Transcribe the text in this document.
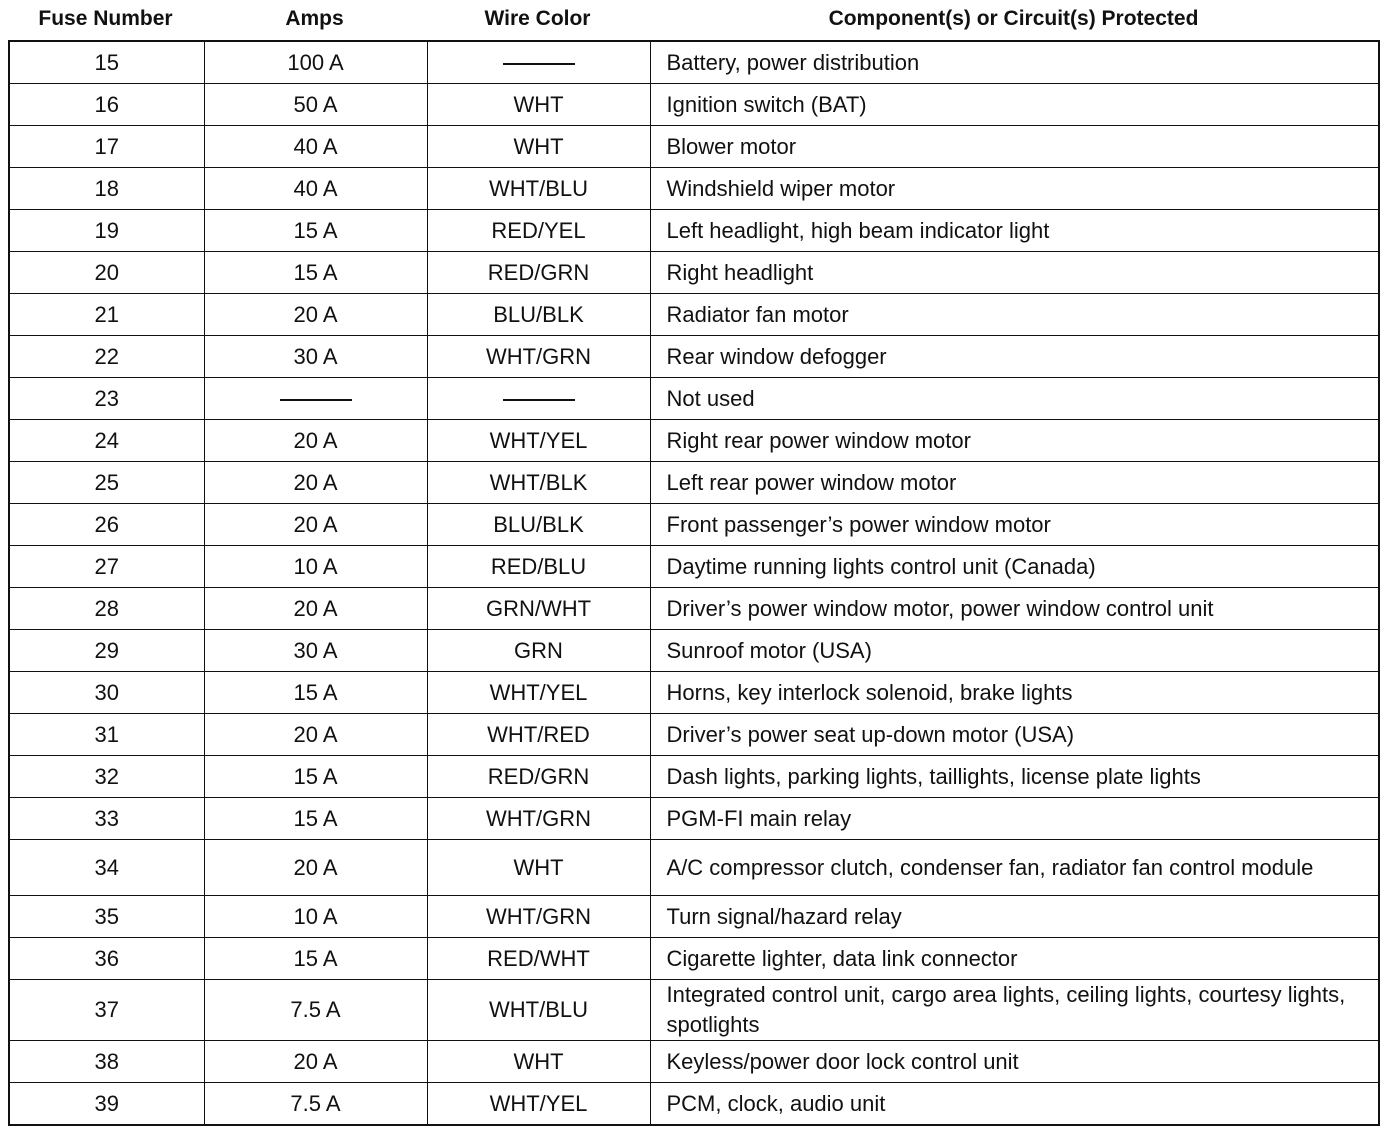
Fuse Number	Amps	Wire Color	Component(s) or Circuit(s) Protected
15	100 A		Battery, power distribution
16	50 A	WHT	Ignition switch (BAT)
17	40 A	WHT	Blower motor
18	40 A	WHT/BLU	Windshield wiper motor
19	15 A	RED/YEL	Left headlight, high beam indicator light
20	15 A	RED/GRN	Right headlight
21	20 A	BLU/BLK	Radiator fan motor
22	30 A	WHT/GRN	Rear window defogger
23			Not used
24	20 A	WHT/YEL	Right rear power window motor
25	20 A	WHT/BLK	Left rear power window motor
26	20 A	BLU/BLK	Front passenger’s power window motor
27	10 A	RED/BLU	Daytime running lights control unit (Canada)
28	20 A	GRN/WHT	Driver’s power window motor, power window control unit
29	30 A	GRN	Sunroof motor (USA)
30	15 A	WHT/YEL	Horns, key interlock solenoid, brake lights
31	20 A	WHT/RED	Driver’s power seat up-down motor (USA)
32	15 A	RED/GRN	Dash lights, parking lights, taillights, license plate lights
33	15 A	WHT/GRN	PGM-FI main relay
34	20 A	WHT	A/C compressor clutch, condenser fan, radiator fan control module
35	10 A	WHT/GRN	Turn signal/hazard relay
36	15 A	RED/WHT	Cigarette lighter, data link connector
37	7.5 A	WHT/BLU	Integrated control unit, cargo area lights, ceiling lights, courtesy lights, spotlights
38	20 A	WHT	Keyless/power door lock control unit
39	7.5 A	WHT/YEL	PCM, clock, audio unit
